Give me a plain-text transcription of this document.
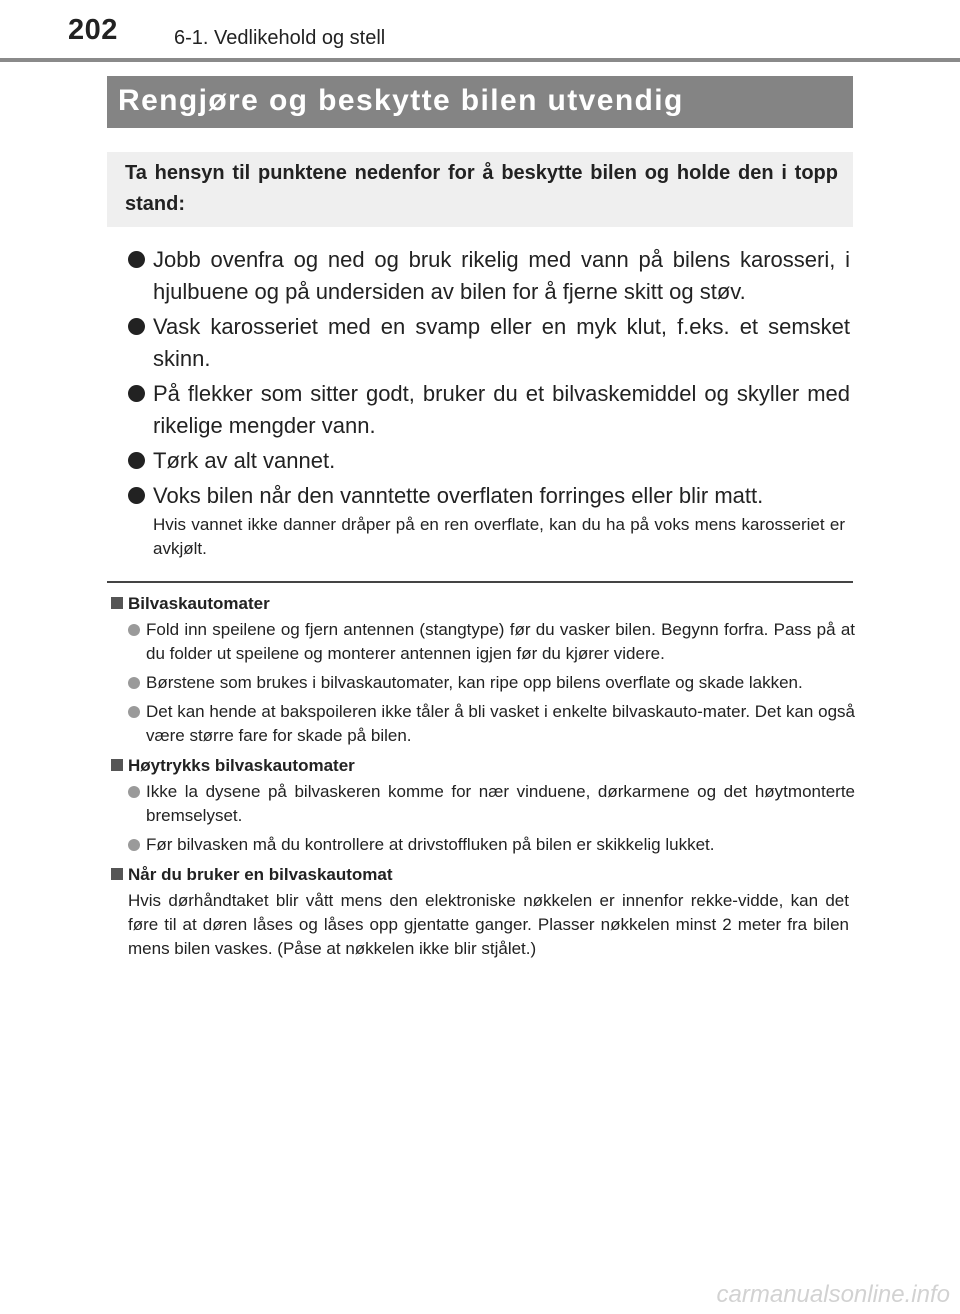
202	6-1. Vedlikehold og stell
Rengjøre og beskytte bilen utvendig
Ta hensyn til punktene nedenfor for å beskytte bilen og holde den i topp stand:
Jobb ovenfra og ned og bruk rikelig med vann på bilens karosseri, i hjulbuene og på undersiden av bilen for å fjerne skitt og støv.
Vask karosseriet med en svamp eller en myk klut, f.eks. et semsket skinn.
På flekker som sitter godt, bruker du et bilvaskemiddel og skyller med rikelige mengder vann.
Tørk av alt vannet.
Voks bilen når den vanntette overflaten forringes eller blir matt.
Hvis vannet ikke danner dråper på en ren overflate, kan du ha på voks mens karosseriet er avkjølt.
Bilvaskautomater
Fold inn speilene og fjern antennen (stangtype) før du vasker bilen. Begynn forfra. Pass på at du folder ut speilene og monterer antennen igjen før du kjører videre.
Børstene som brukes i bilvaskautomater, kan ripe opp bilens overflate og skade lakken.
Det kan hende at bakspoileren ikke tåler å bli vasket i enkelte bilvaskauto-mater. Det kan også være større fare for skade på bilen.
Høytrykks bilvaskautomater
Ikke la dysene på bilvaskeren komme for nær vinduene, dørkarmene og det høytmonterte bremselyset.
Før bilvasken må du kontrollere at drivstoffluken på bilen er skikkelig lukket.
Når du bruker en bilvaskautomat
Hvis dørhåndtaket blir vått mens den elektroniske nøkkelen er innenfor rekke-vidde, kan det føre til at døren låses og låses opp gjentatte ganger. Plasser nøkkelen minst 2 meter fra bilen mens bilen vaskes. (Påse at nøkkelen ikke blir stjålet.)
carmanualsonline.info
